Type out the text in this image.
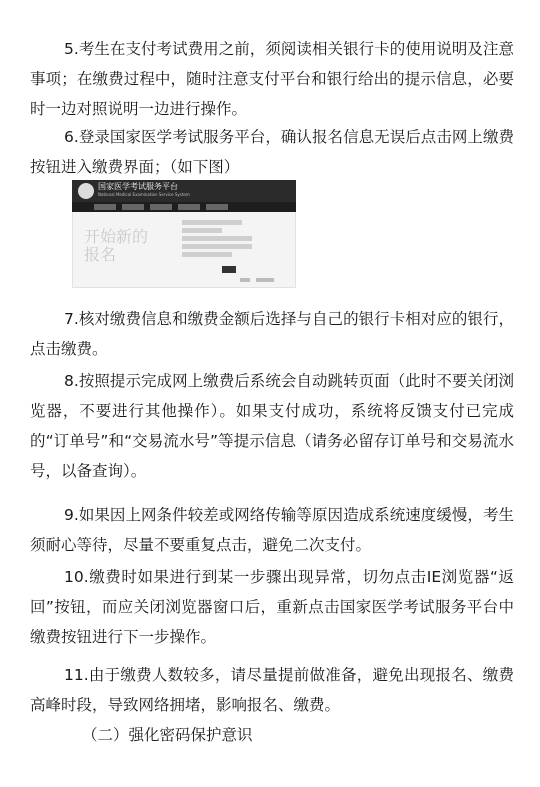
5.考生在支付考试费用之前，须阅读相关银行卡的使用说明及注意事项；在缴费过程中，随时注意支付平台和银行给出的提示信息，必要时一边对照说明一边进行操作。

6.登录国家医学考试服务平台，确认报名信息无误后点击网上缴费按钮进入缴费界面；（如下图）

国家医学考试服务平台
National Medical Examination Service System
开始新的报名

7.核对缴费信息和缴费金额后选择与自己的银行卡相对应的银行，点击缴费。

8.按照提示完成网上缴费后系统会自动跳转页面（此时不要关闭浏览器，不要进行其他操作）。如果支付成功，系统将反馈支付已完成的“订单号”和“交易流水号”等提示信息（请务必留存订单号和交易流水号，以备查询）。

9.如果因上网条件较差或网络传输等原因造成系统速度缓慢，考生须耐心等待，尽量不要重复点击，避免二次支付。

10.缴费时如果进行到某一步骤出现异常，切勿点击IE浏览器“返回”按钮，而应关闭浏览器窗口后，重新点击国家医学考试服务平台中缴费按钮进行下一步操作。

11.由于缴费人数较多，请尽量提前做准备，避免出现报名、缴费高峰时段，导致网络拥堵，影响报名、缴费。

（二）强化密码保护意识
